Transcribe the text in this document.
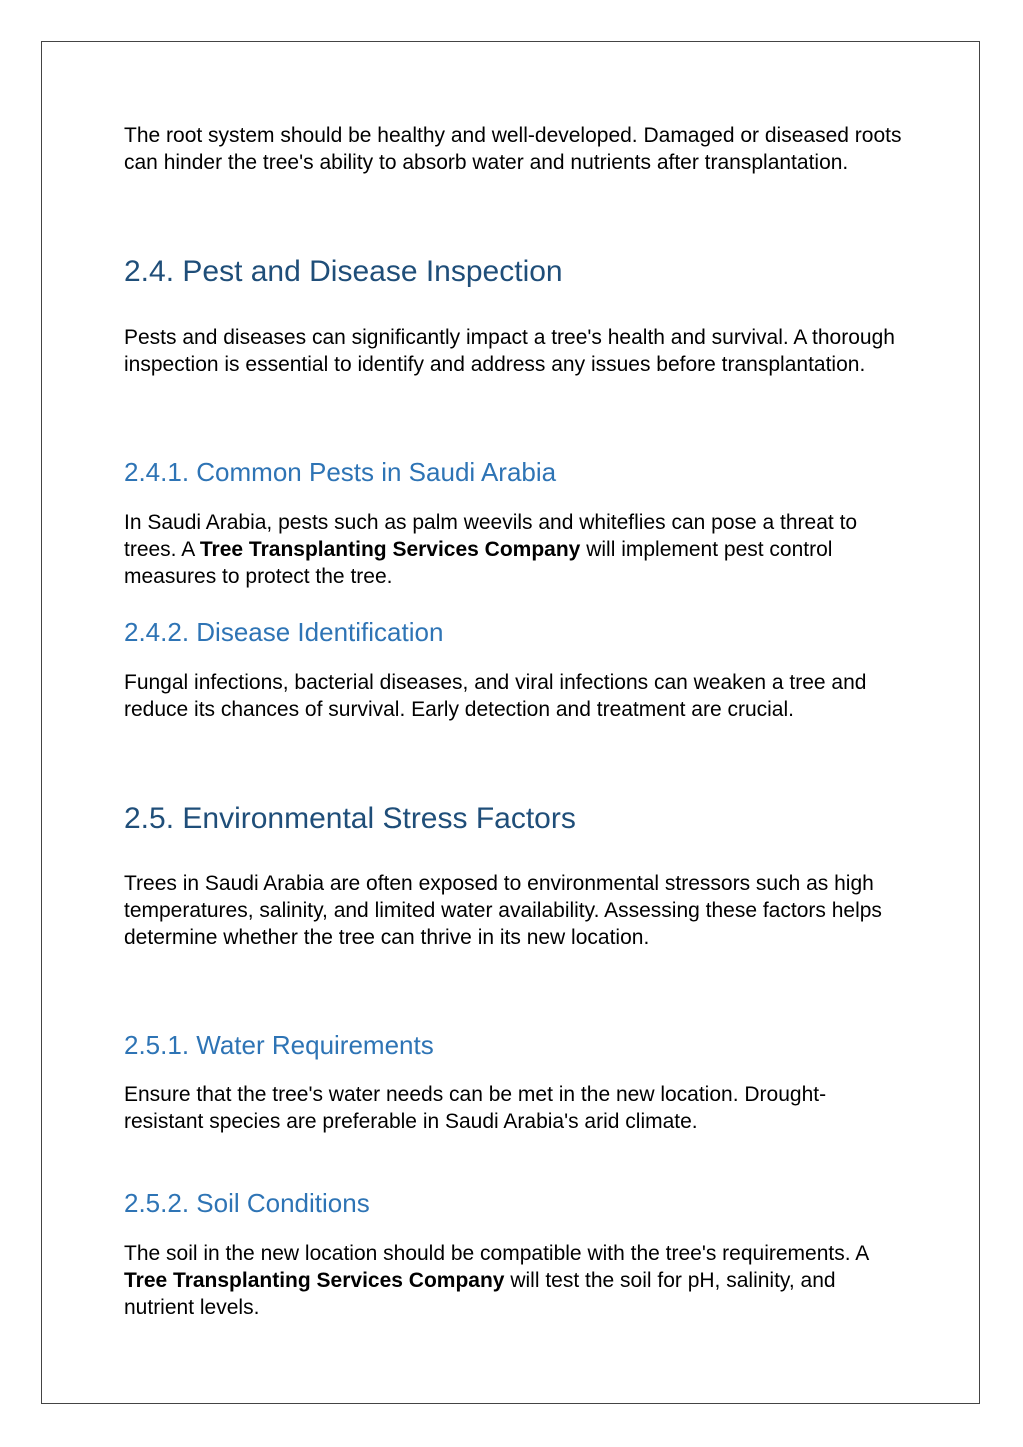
The root system should be healthy and well-developed. Damaged or diseased roots can hinder the tree's ability to absorb water and nutrients after transplantation.

2.4. Pest and Disease Inspection

Pests and diseases can significantly impact a tree's health and survival. A thorough inspection is essential to identify and address any issues before transplantation.

2.4.1. Common Pests in Saudi Arabia

In Saudi Arabia, pests such as palm weevils and whiteflies can pose a threat to trees. A Tree Transplanting Services Company will implement pest control measures to protect the tree.

2.4.2. Disease Identification

Fungal infections, bacterial diseases, and viral infections can weaken a tree and reduce its chances of survival. Early detection and treatment are crucial.

2.5. Environmental Stress Factors

Trees in Saudi Arabia are often exposed to environmental stressors such as high temperatures, salinity, and limited water availability. Assessing these factors helps determine whether the tree can thrive in its new location.

2.5.1. Water Requirements

Ensure that the tree's water needs can be met in the new location. Drought-resistant species are preferable in Saudi Arabia's arid climate.

2.5.2. Soil Conditions

The soil in the new location should be compatible with the tree's requirements. A Tree Transplanting Services Company will test the soil for pH, salinity, and nutrient levels.
